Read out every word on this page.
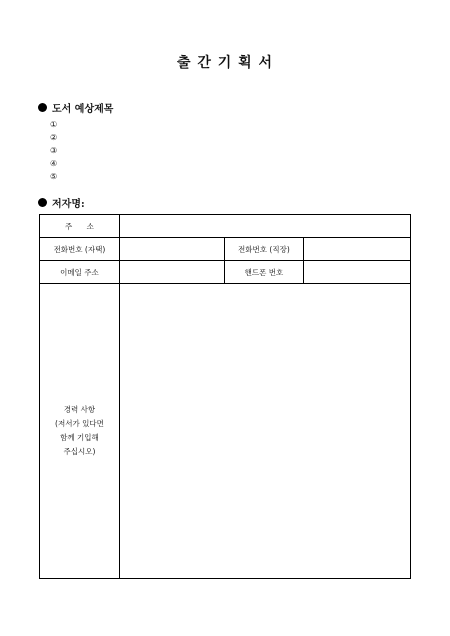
출 간 기 획 서
도서 예상제목
①
②
③
④
⑤
저자명:
주      소			
전화번호 (자택)		전화번호 (직장)	
이메일 주소		핸드폰 번호	

경력 사항
(저서가 있다면
함께 기입해
주십시오)			
